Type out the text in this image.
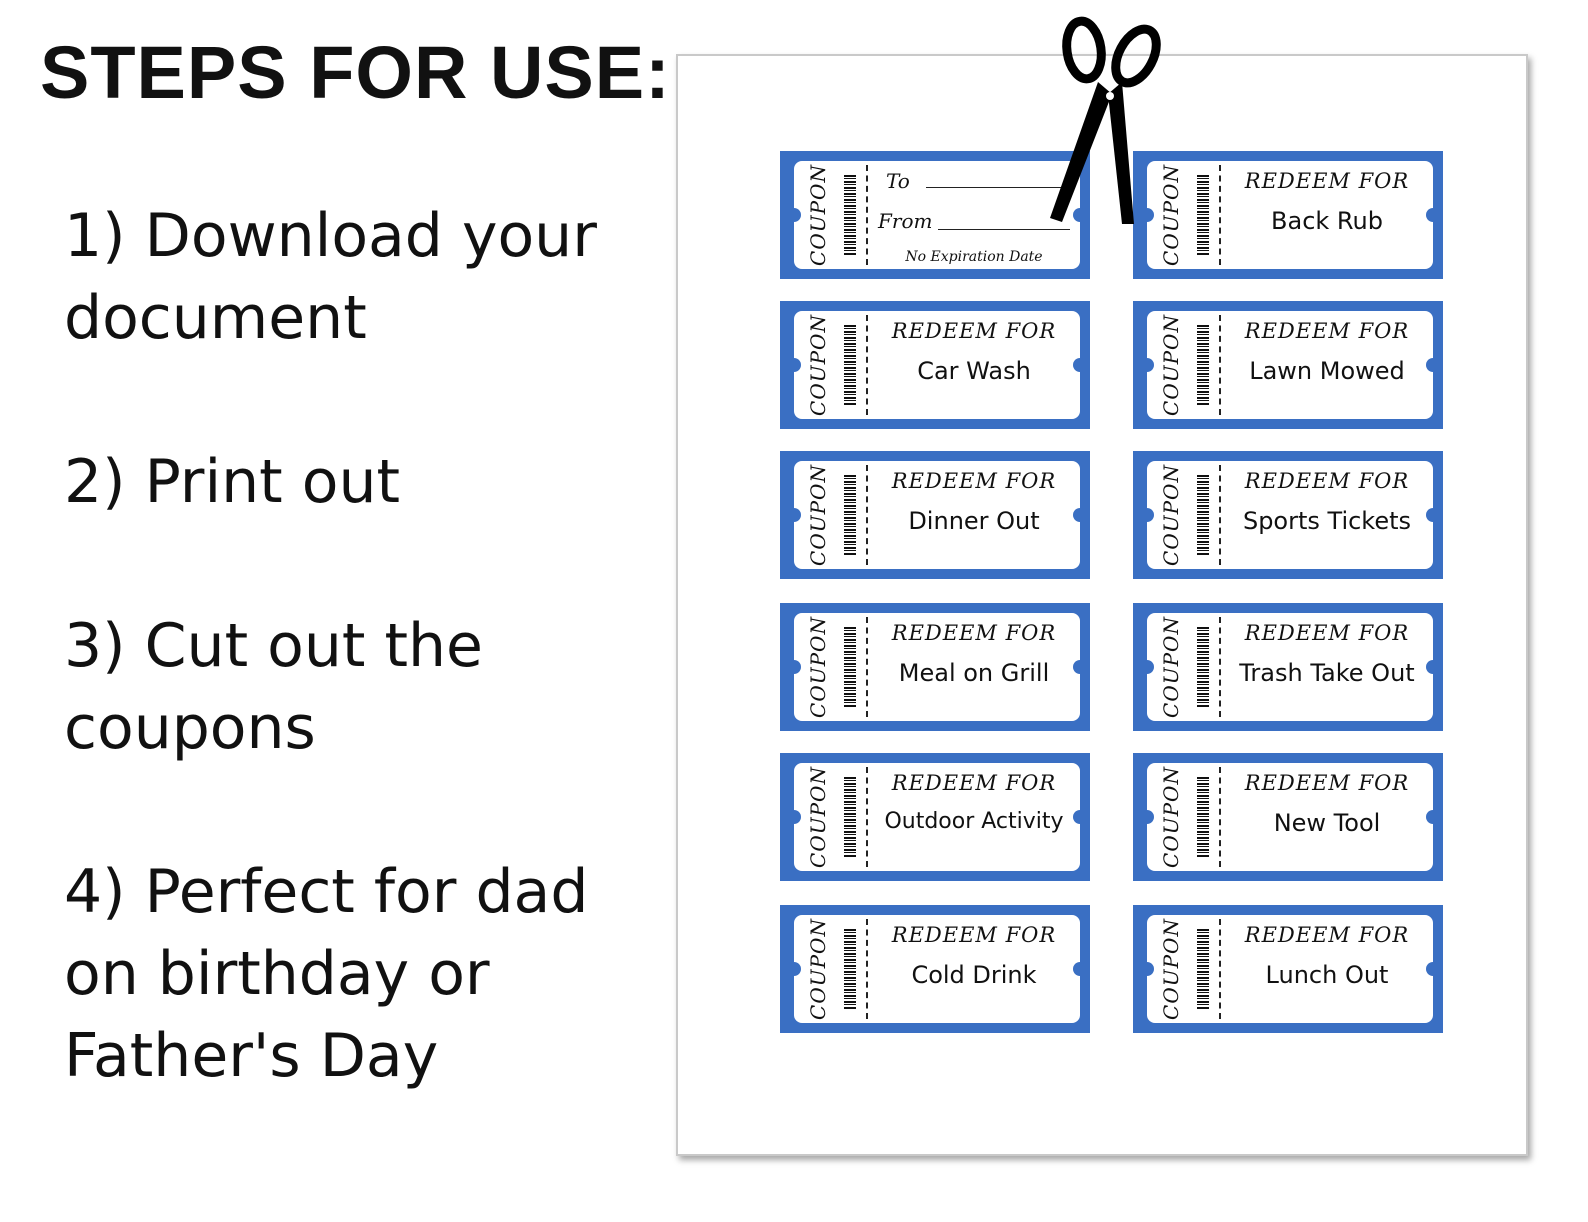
STEPS FOR USE:
1) Download your document
2) Print out
3) Cut out the coupons
4) Perfect for dad on birthday or Father's Day
COUPON	To
From
No Expiration Date	COUPON	REDEEM FOR
Back Rub
COUPON	REDEEM FOR
Car Wash	COUPON	REDEEM FOR
Lawn Mowed
COUPON	REDEEM FOR
Dinner Out	COUPON	REDEEM FOR
Sports Tickets
COUPON	REDEEM FOR
Meal on Grill	COUPON	REDEEM FOR
Trash Take Out
COUPON	REDEEM FOR
Outdoor Activity	COUPON	REDEEM FOR
New Tool
COUPON	REDEEM FOR
Cold Drink	COUPON	REDEEM FOR
Lunch Out
